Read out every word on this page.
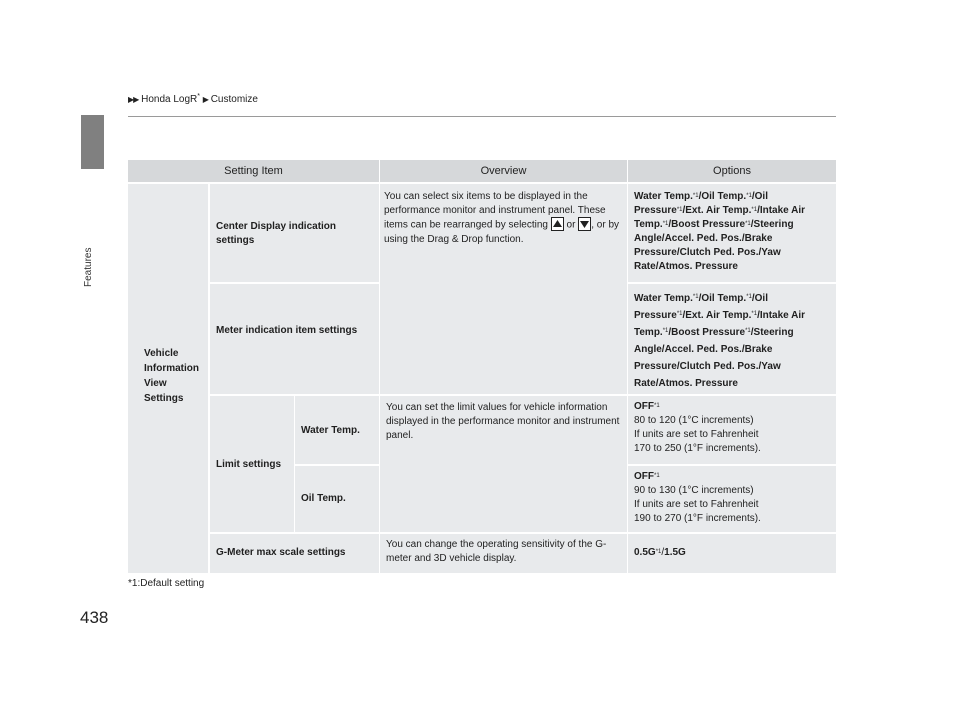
Features
▶▶ Honda LogR* ▶ Customize
Setting Item	Overview	Options
Vehicle
Information
View
Settings
Center Display indication settings
You can select six items to be displayed in the performance monitor and instrument panel. These items can be rearranged by selecting or , or by using the Drag & Drop function.
Water Temp.$^{*1}$/Oil Temp.$^{*1}$/Oil Pressure$^{*1}$/Ext. Air Temp.$^{*1}$/Intake Air Temp.$^{*1}$/Boost Pressure$^{*1}$/Steering Angle/Accel. Ped. Pos./Brake Pressure/Clutch Ped. Pos./Yaw Rate/Atmos. Pressure
Meter indication item settings
Water Temp.$^{*1}$/Oil Temp.$^{*1}$/Oil Pressure$^{*1}$/Ext. Air Temp.$^{*1}$/Intake Air Temp.$^{*1}$/Boost Pressure$^{*1}$/Steering Angle/Accel. Ped. Pos./Brake Pressure/Clutch Ped. Pos./Yaw Rate/Atmos. Pressure
Limit settings
Water Temp.
Oil Temp.
You can set the limit values for vehicle information displayed in the performance monitor and instrument panel.
OFF$^{*1}$
80 to 120 (1°C increments)
If units are set to Fahrenheit
170 to 250 (1°F increments).
OFF$^{*1}$
90 to 130 (1°C increments)
If units are set to Fahrenheit
190 to 270 (1°F increments).
G-Meter max scale settings
You can change the operating sensitivity of the G-meter and 3D vehicle display.
$0.5G^{*1}/1.5G$
*1:Default setting
438
